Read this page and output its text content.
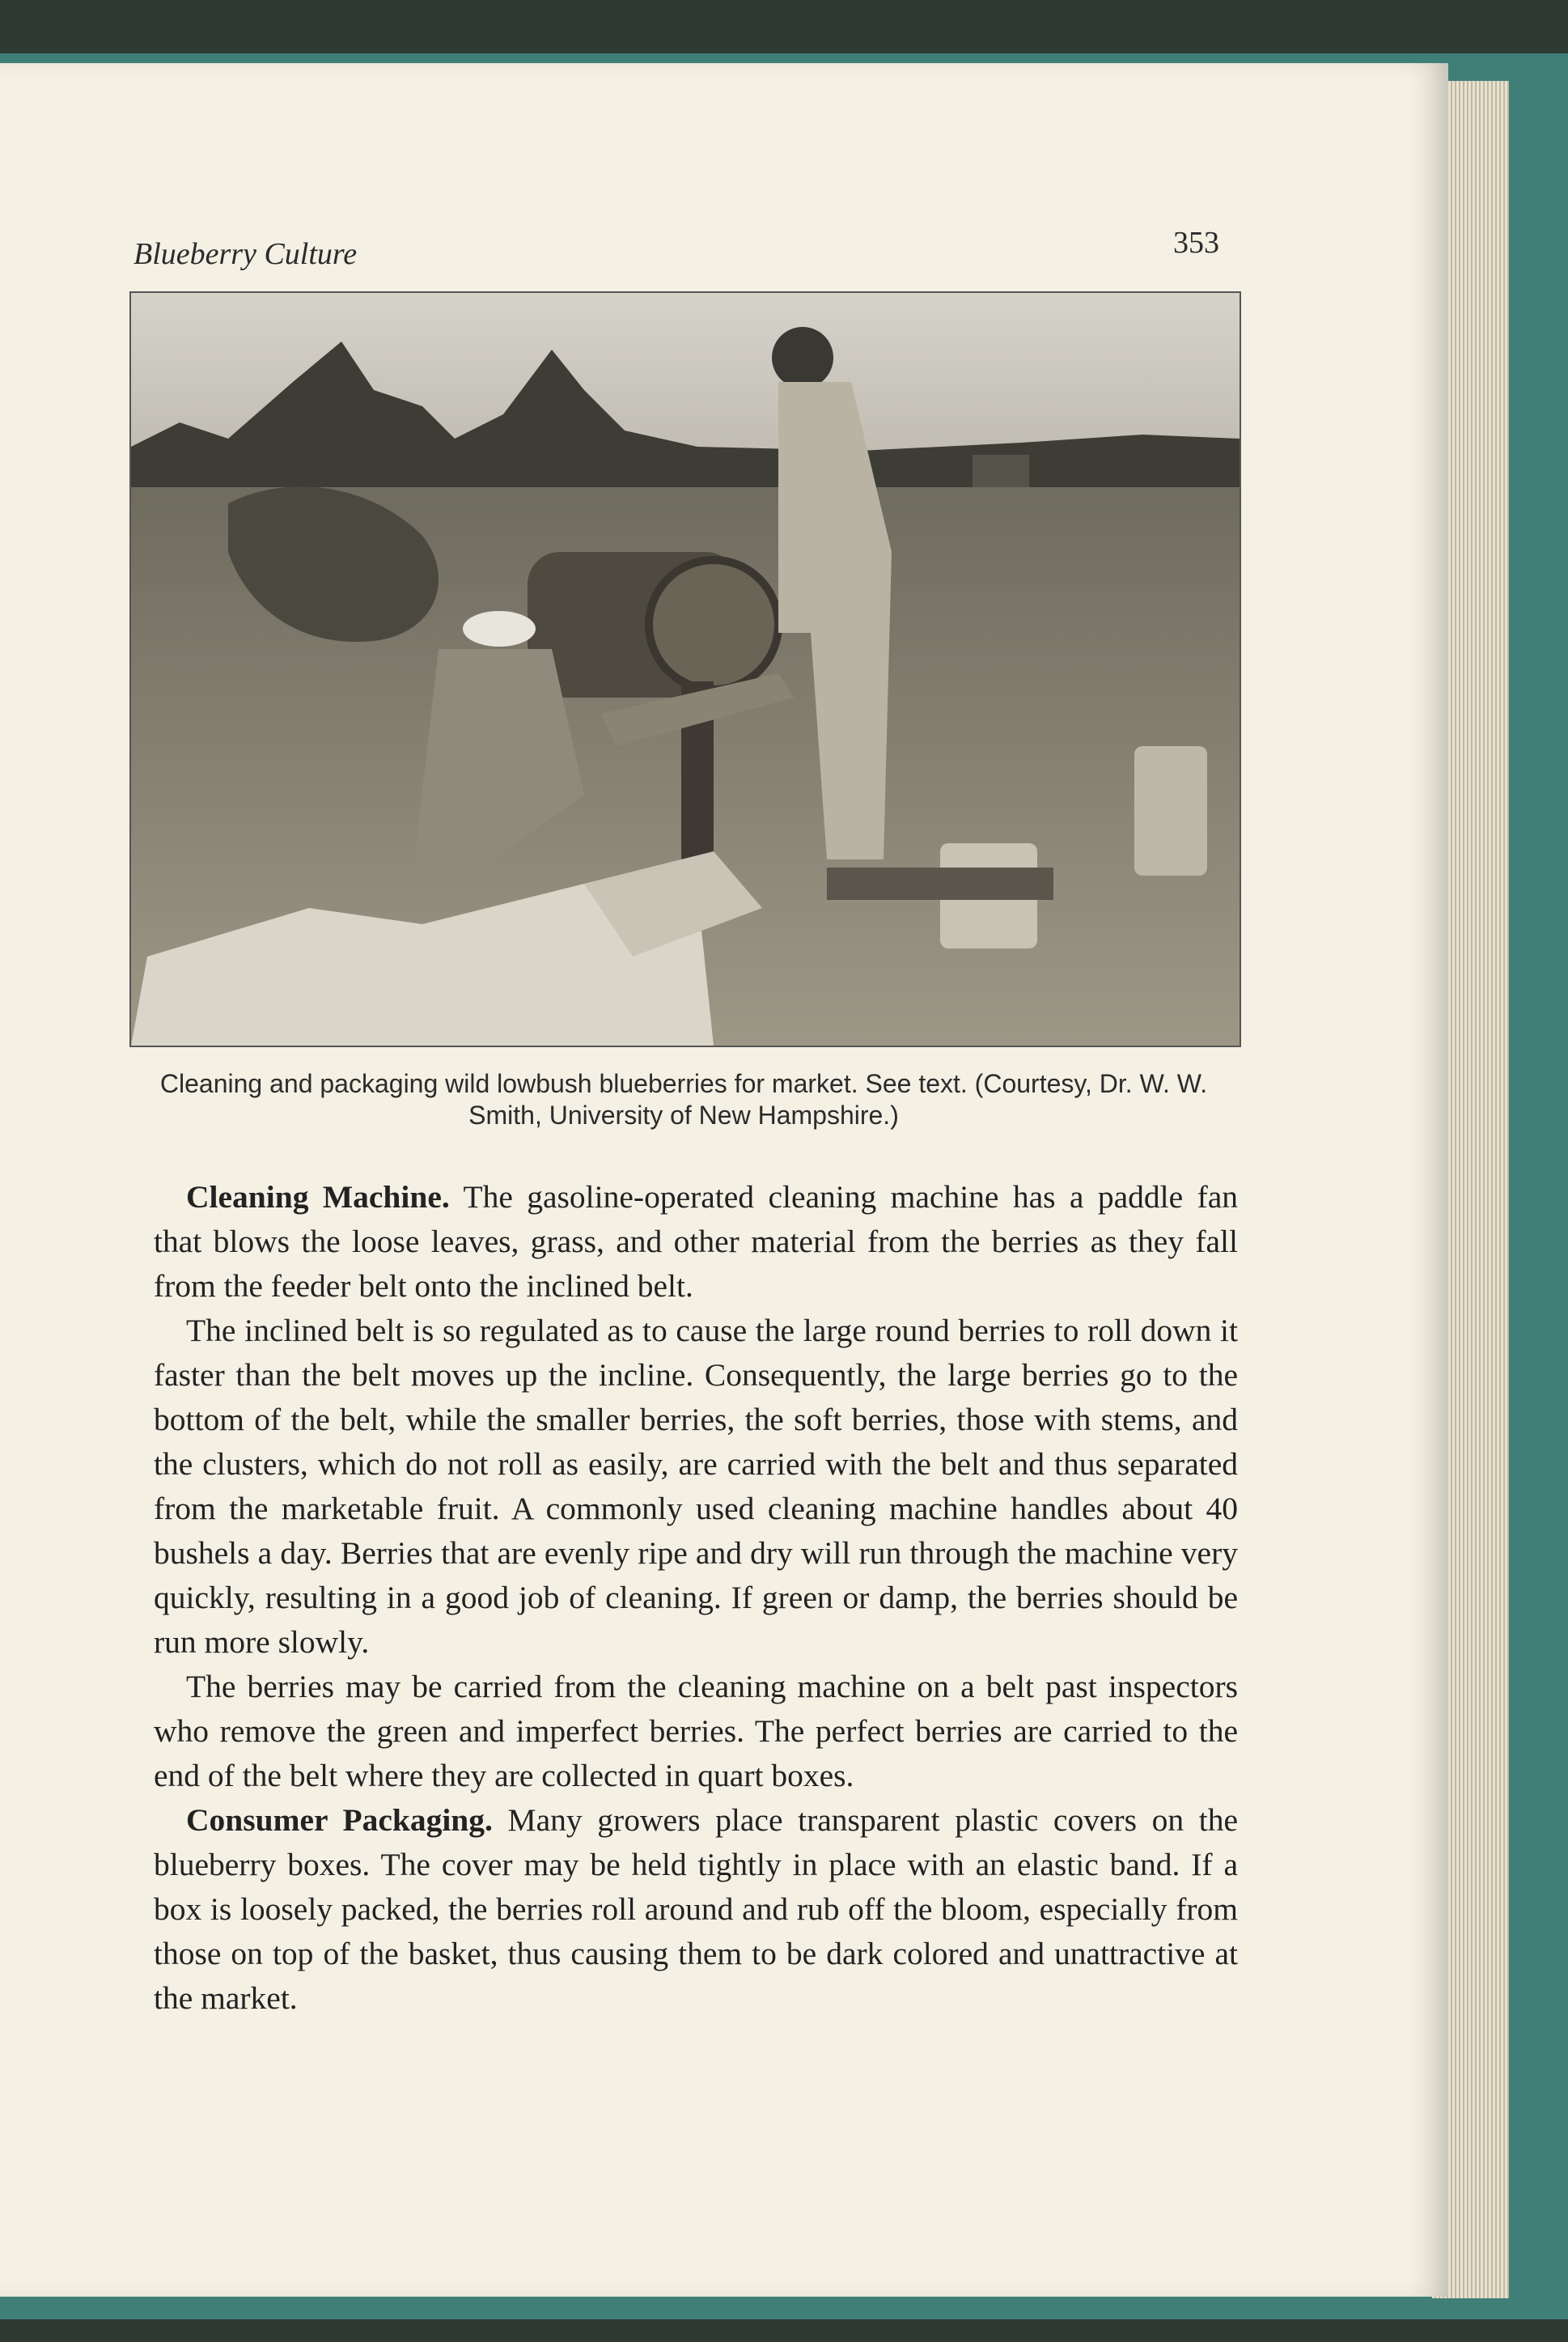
Blueberry Culture	353
Cleaning and packaging wild lowbush blueberries for market. See text. (Courtesy, Dr. W. W. Smith, University of New Hampshire.)

Cleaning Machine. The gasoline-operated cleaning machine has a paddle fan that blows the loose leaves, grass, and other material from the berries as they fall from the feeder belt onto the inclined belt.

The inclined belt is so regulated as to cause the large round berries to roll down it faster than the belt moves up the incline. Consequently, the large berries go to the bottom of the belt, while the smaller berries, the soft berries, those with stems, and the clusters, which do not roll as easily, are carried with the belt and thus separated from the marketable fruit. A commonly used cleaning machine handles about 40 bushels a day. Berries that are evenly ripe and dry will run through the machine very quickly, resulting in a good job of cleaning. If green or damp, the berries should be run more slowly.

The berries may be carried from the cleaning machine on a belt past inspectors who remove the green and imperfect berries. The perfect berries are carried to the end of the belt where they are collected in quart boxes.

Consumer Packaging. Many growers place transparent plastic covers on the blueberry boxes. The cover may be held tightly in place with an elastic band. If a box is loosely packed, the berries roll around and rub off the bloom, especially from those on top of the basket, thus causing them to be dark colored and unattractive at the market.
